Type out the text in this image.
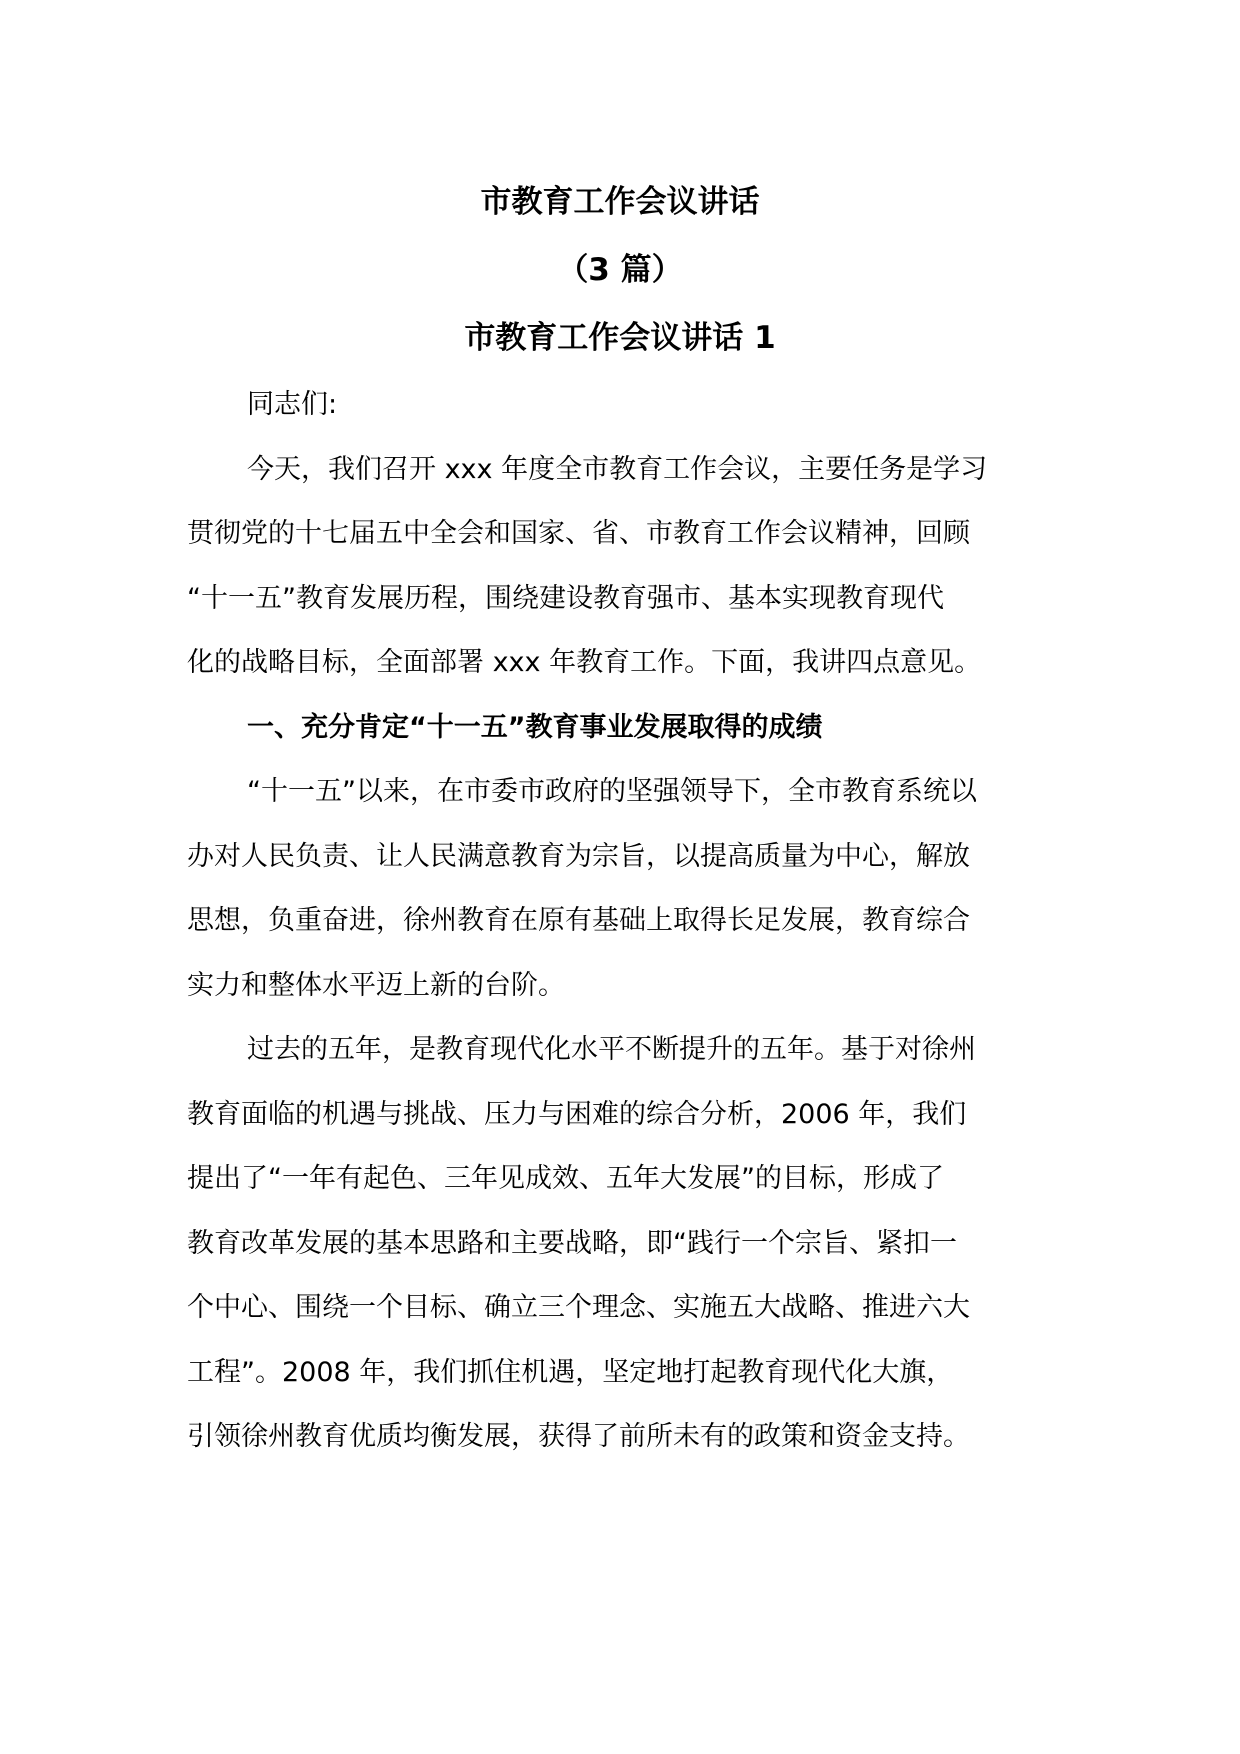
市教育工作会议讲话
（3 篇）
市教育工作会议讲话 1

同志们:

今天，我们召开 xxx 年度全市教育工作会议，主要任务是学习

贯彻党的十七届五中全会和国家、省、市教育工作会议精神，回顾

“十一五”教育发展历程，围绕建设教育强市、基本实现教育现代

化的战略目标，全面部署 xxx 年教育工作。下面，我讲四点意见。

一、充分肯定“十一五”教育事业发展取得的成绩

“十一五”以来，在市委市政府的坚强领导下，全市教育系统以

办对人民负责、让人民满意教育为宗旨，以提高质量为中心，解放

思想，负重奋进，徐州教育在原有基础上取得长足发展，教育综合

实力和整体水平迈上新的台阶。

过去的五年，是教育现代化水平不断提升的五年。基于对徐州

教育面临的机遇与挑战、压力与困难的综合分析，2006 年，我们

提出了“一年有起色、三年见成效、五年大发展”的目标，形成了

教育改革发展的基本思路和主要战略，即“践行一个宗旨、紧扣一

个中心、围绕一个目标、确立三个理念、实施五大战略、推进六大

工程”。2008 年，我们抓住机遇，坚定地打起教育现代化大旗，

引领徐州教育优质均衡发展，获得了前所未有的政策和资金支持。
